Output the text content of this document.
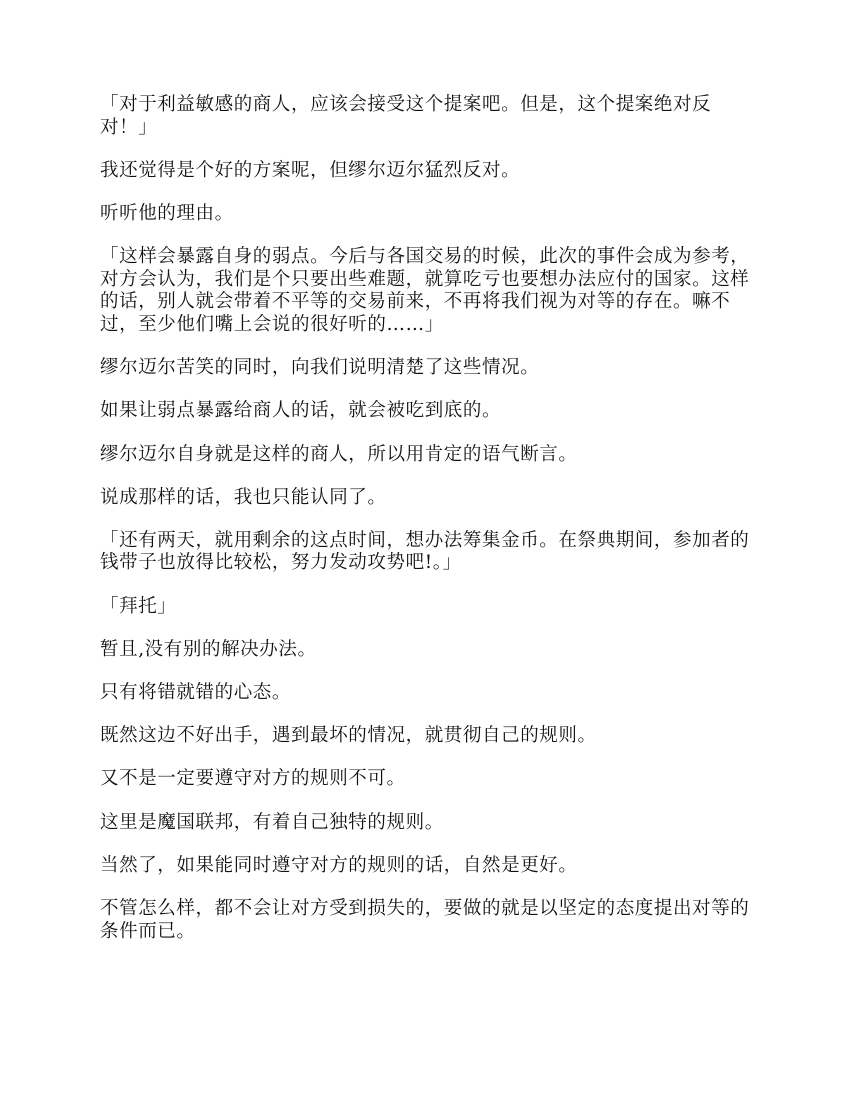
「对于利益敏感的商人，应该会接受这个提案吧。但是，这个提案绝对反对！」

我还觉得是个好的方案呢，但缪尔迈尔猛烈反对。

听听他的理由。

「这样会暴露自身的弱点。今后与各国交易的时候，此次的事件会成为参考，对方会认为，我们是个只要出些难题，就算吃亏也要想办法应付的国家。这样的话，别人就会带着不平等的交易前来，不再将我们视为对等的存在。嘛不过，至少他们嘴上会说的很好听的……」

缪尔迈尔苦笑的同时，向我们说明清楚了这些情况。

如果让弱点暴露给商人的话，就会被吃到底的。

缪尔迈尔自身就是这样的商人，所以用肯定的语气断言。

说成那样的话，我也只能认同了。

「还有两天，就用剩余的这点时间，想办法筹集金币。在祭典期间，参加者的钱带子也放得比较松，努力发动攻势吧!。」

「拜托」

暂且,没有别的解决办法。

只有将错就错的心态。

既然这边不好出手，遇到最坏的情况，就贯彻自己的规则。

又不是一定要遵守对方的规则不可。

这里是魔国联邦，有着自己独特的规则。

当然了，如果能同时遵守对方的规则的话，自然是更好。

不管怎么样，都不会让对方受到损失的，要做的就是以坚定的态度提出对等的条件而已。
